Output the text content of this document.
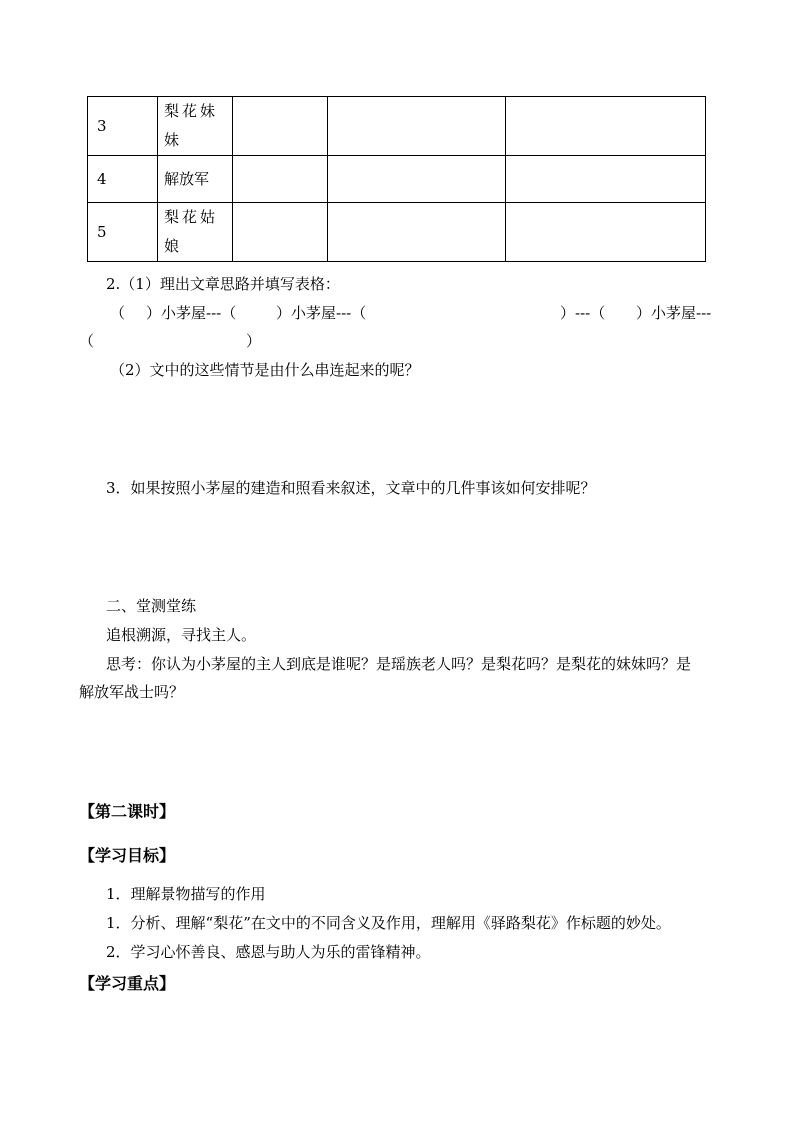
3	梨花妹妹			
4	解放军			
5	梨花姑娘			
2.（1）理出文章思路并填写表格：
（ ）小茅屋---（	）小茅屋---（	）---（ ）小茅屋---
（	）
（2）文中的这些情节是由什么串连起来的呢？
3．如果按照小茅屋的建造和照看来叙述，文章中的几件事该如何安排呢？
二、堂测堂练
追根溯源，寻找主人。
思考：你认为小茅屋的主人到底是谁呢？是瑶族老人吗？是梨花吗？是梨花的妹妹吗？是
解放军战士吗？
【第二课时】
【学习目标】
1．理解景物描写的作用
1．分析、理解“梨花”在文中的不同含义及作用，理解用《驿路梨花》作标题的妙处。
2．学习心怀善良、感恩与助人为乐的雷锋精神。
【学习重点】
